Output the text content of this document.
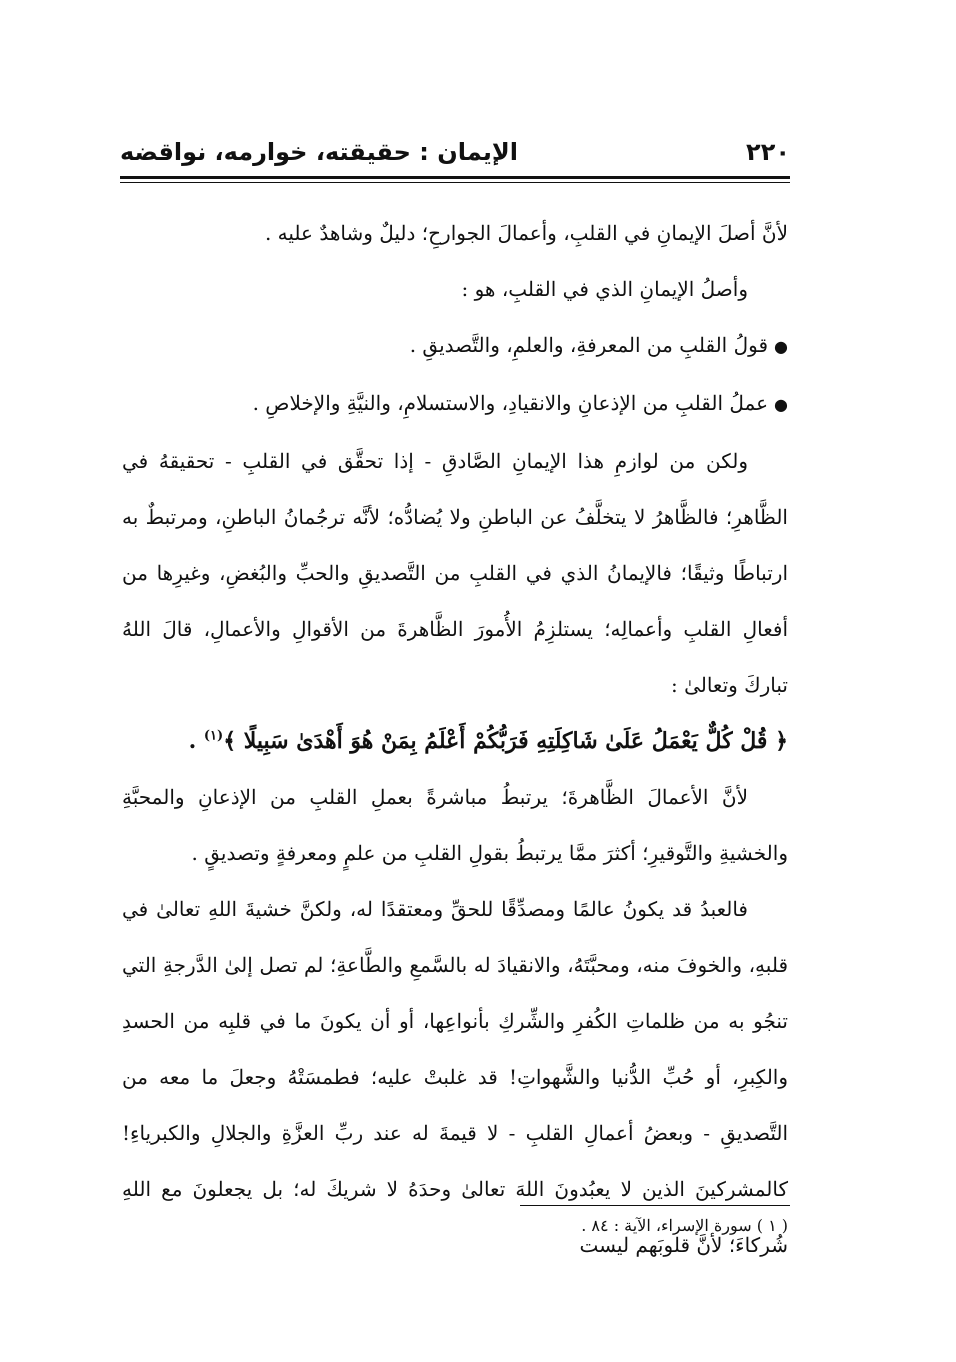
٢٢٠
الإيمان : حقيقته، خوارمه، نواقضه

لأنَّ أصلَ الإيمانِ في القلبِ، وأعمالَ الجوارحِ؛ دليلٌ وشاهدٌ عليه .

وأصلُ الإيمانِ الذي في القلبِ، هو :

●قولُ القلبِ من المعرفةِ، والعلمِ، والتَّصديقِ .

●عملُ القلبِ من الإذعانِ والانقيادِ، والاستسلامِ، والنيَّةِ والإخلاصِ .

ولكن من لوازمِ هذا الإيمانِ الصَّادقِ - إذا تحقَّق في القلبِ - تحقيقهُ في الظَّاهرِ؛ فالظَّاهرُ لا يتخلَّفُ عن الباطنِ ولا يُضادُّه؛ لأنَّه ترجُمانُ الباطنِ، ومرتبطٌ به ارتباطًا وثيقًا؛ فالإيمانُ الذي في القلبِ من التَّصديقِ والحبِّ والبُغضِ، وغيرِها من أفعالِ القلبِ وأعمالِه؛ يستلزِمُ الأُمورَ الظَّاهرةَ من الأقوالِ والأعمالِ، قالَ اللهُ تباركَ وتعالىٰ :

﴿ قُلْ كُلٌّ يَعْمَلُ عَلَىٰ شَاكِلَتِهِ فَرَبُّكُمْ أَعْلَمُ بِمَنْ هُوَ أَهْدَىٰ سَبِيلًا ﴾$^{(١)}$ .

لأنَّ الأعمالَ الظَّاهرةَ؛ يرتبطُ مباشرةً بعملِ القلبِ من الإذعانِ والمحبَّةِ والخشيةِ والتَّوقيرِ؛ أكثرَ ممَّا يرتبطُ بقولِ القلبِ من علمٍ ومعرفةٍ وتصديقٍ .

فالعبدُ قد يكونُ عالمًا ومصدِّقًا للحقِّ ومعتقدًا له، ولكنَّ خشيةَ اللهِ تعالىٰ في قلبهِ، والخوفَ منه، ومحبَّتَهُ، والانقيادَ له بالسَّمعِ والطَّاعةِ؛ لم تصل إلىٰ الدَّرجةِ التي تنجُو به من ظلماتِ الكُفرِ والشِّركِ بأنواعِها، أو أن يكونَ ما في قلبِه من الحسدِ والكِبرِ، أو حُبِّ الدُّنيا والشَّهواتِ! قد غلبتْ عليه؛ فطمسَتْهُ وجعلَ ما معه من التَّصديقِ - وبعضُ أعمالِ القلبِ - لا قيمةَ له عند ربِّ العزَّةِ والجلالِ والكبرياءِ! كالمشركينَ الذين لا يعبُدونَ اللهَ تعالىٰ وحدَهُ لا شريكَ له؛ بل يجعلونَ مع اللهِ شُركاءَ؛ لأنَّ قلوبَهم ليست

( ١ ) سورة الإسراء، الآية : ٨٤ .
